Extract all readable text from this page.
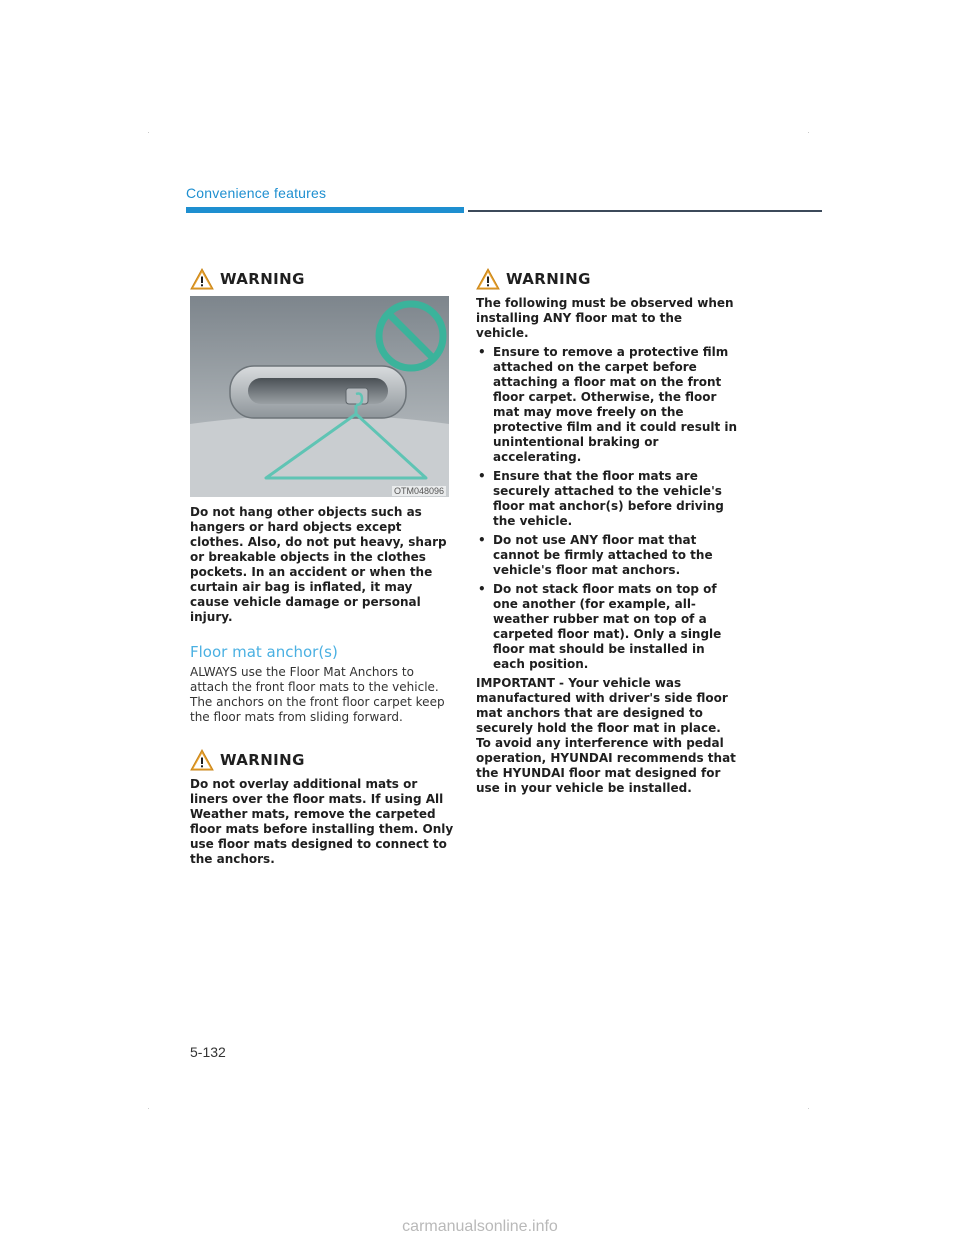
Convenience features
WARNING
OTM048096

Do not hang other objects such as hangers or hard objects except clothes. Also, do not put heavy, sharp or breakable objects in the clothes pockets. In an accident or when the curtain air bag is inflated, it may cause vehicle damage or personal injury.

Floor mat anchor(s)

ALWAYS use the Floor Mat Anchors to attach the front floor mats to the vehicle. The anchors on the front floor carpet keep the floor mats from sliding forward.

WARNING

Do not overlay additional mats or liners over the floor mats. If using All Weather mats, remove the carpeted floor mats before installing them. Only use floor mats designed to connect to the anchors.

WARNING

The following must be observed when installing ANY floor mat to the vehicle.

• Ensure to remove a protective film attached on the carpet before attaching a floor mat on the front floor carpet. Otherwise, the floor mat may move freely on the protective film and it could result in unintentional braking or accelerating.
• Ensure that the floor mats are securely attached to the vehicle's floor mat anchor(s) before driving the vehicle.
• Do not use ANY floor mat that cannot be firmly attached to the vehicle's floor mat anchors.
• Do not stack floor mats on top of one another (for example, all-weather rubber mat on top of a carpeted floor mat). Only a single floor mat should be installed in each position.

IMPORTANT - Your vehicle was manufactured with driver's side floor mat anchors that are designed to securely hold the floor mat in place. To avoid any interference with pedal operation, HYUNDAI recommends that the HYUNDAI floor mat designed for use in your vehicle be installed.

5-132
carmanualsonline.info
